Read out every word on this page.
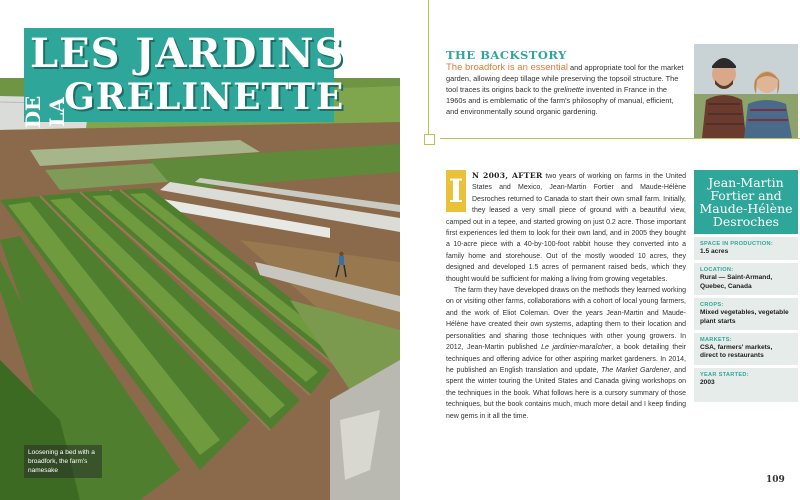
LES JARDINS
DE LA
GRELINETTE
Loosening a bed with a broadfork, the farm's namesake
THE BACKSTORY
The broadfork is an essential and appropriate tool for the market garden, allowing deep tillage while preserving the topsoil structure. The tool traces its origins back to the grelinette invented in France in the 1960s and is emblematic of the farm's philosophy of manual, efficient, and environmentally sound organic gardening.
I	N 2003, AFTER two years of working on farms in the United States and Mexico, Jean-Martin Fortier and Maude-Hélène Desroches returned to Canada to start their own small farm. Initially, they leased a very small piece of ground with a beautiful view, camped out in a tepee, and started growing on just 0.2 acre. Those important first experiences led them to look for their own land, and in 2005 they bought a 10-acre piece with a 40-by-100-foot rabbit house they converted into a family home and storehouse. Out of the mostly wooded 10 acres, they designed and developed 1.5 acres of permanent raised beds, which they thought would be sufficient for making a living from growing vegetables.

The farm they have developed draws on the methods they learned working on or visiting other farms, collaborations with a cohort of local young farmers, and the work of Eliot Coleman. Over the years Jean-Martin and Maude-Hélène have created their own systems, adapting them to their location and personalities and sharing those techniques with other young growers. In 2012, Jean-Martin published Le jardinier-maraîcher, a book detailing their techniques and offering advice for other aspiring market gardeners. In 2014, he published an English translation and update, The Market Gardener, and spent the winter touring the United States and Canada giving workshops on the techniques in the book. What follows here is a cursory summary of those techniques, but the book contains much, much more detail and I keep finding new gems in it all the time.

Jean-Martin Fortier and Maude-Hélène Desroches
SPACE IN PRODUCTION:
1.5 acres
LOCATION:
Rural — Saint-Armand, Quebec, Canada
CROPS:
Mixed vegetables, vegetable plant starts
MARKETS:
CSA, farmers' markets, direct to restaurants
YEAR STARTED:
2003
109
